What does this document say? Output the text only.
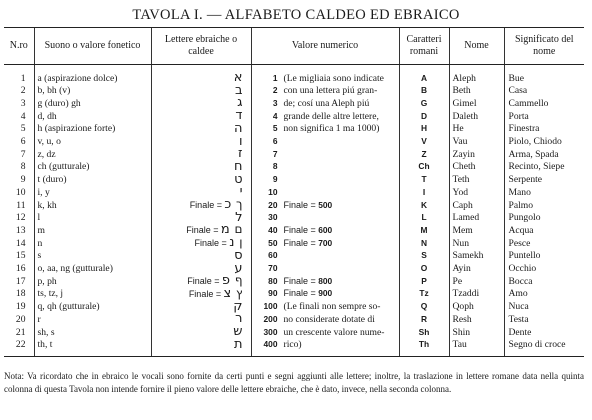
TAVOLA I. — ALFABETO CALDEO ED EBRAICO
N.ro	Suono o valore fonetico	Lettere ebraiche o caldee	Valore numerico	Caratteri romani	Nome	Significato del nome
1	a (aspirazione dolce)	א	1 (Le migliaia sono indicate	A	Aleph	Bue
2	b, bh (v)	ב	2 con una lettera piú gran-	B	Beth	Casa
3	g (duro) gh	ג	3 de; cosí una Aleph piú	G	Gimel	Cammello
4	d, dh	ד	4 grande delle altre lettere,	D	Daleth	Porta
5	h (aspirazione forte)	ה	5 non significa 1 ma 1000)	H	He	Finestra
6	v, u, o	ו	6	V	Vau	Piolo, Chiodo
7	z, dz	ז	7	Z	Zayin	Arma, Spada
8	ch (gutturale)	ח	8	Ch	Cheth	Recinto, Siepe
9	t (duro)	ט	9	T	Teth	Serpente
10	i, y	י	10	I	Yod	Mano
11	k, kh	Finale = ך  כ	20 Finale = 500	K	Caph	Palmo
12	l	ל	30	L	Lamed	Pungolo
13	m	Finale = ם  מ	40 Finale = 600	M	Mem	Acqua
14	n	Finale = ן  נ	50 Finale = 700	N	Nun	Pesce
15	s	ס	60	S	Samekh	Puntello
16	o, aa, ng (gutturale)	ע	70	O	Ayin	Occhio
17	p, ph	Finale = ף  פ	80 Finale = 800	P	Pe	Bocca
18	ts, tz, j	Finale = ץ  צ	90 Finale = 900	Tz	Tzaddi	Amo
19	q, qh (gutturale)	ק	100 (Le finali non sempre so-	Q	Qoph	Nuca
20	r	ר	200 no considerate dotate di	R	Resh	Testa
21	sh, s	ש	300 un crescente valore nume-	Sh	Shin	Dente
22	th, t	ת	400 rico)	Th	Tau	Segno di croce
Nota: Va ricordato che in ebraico le vocali sono fornite da certi punti e segni aggiunti alle lettere; inoltre, la traslazione in lettere romane data nella quinta colonna di questa Tavola non intende fornire il pieno valore delle lettere ebraiche, che è dato, invece, nella seconda colonna.
